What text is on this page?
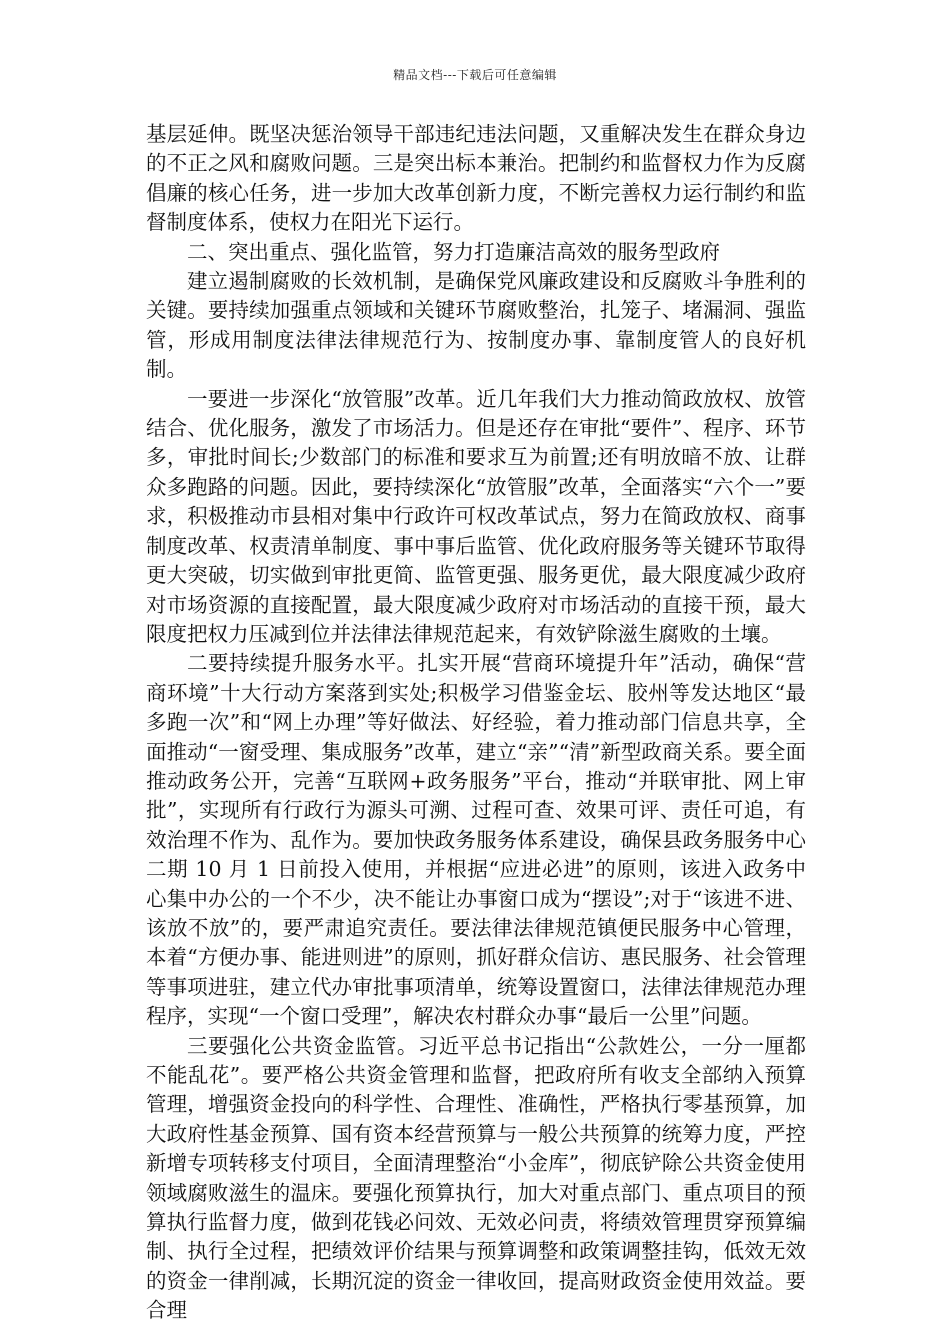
精品文档---下载后可任意编辑

基层延伸。既坚决惩治领导干部违纪违法问题，又重解决发生在群众身边的不正之风和腐败问题。三是突出标本兼治。把制约和监督权力作为反腐倡廉的核心任务，进一步加大改革创新力度，不断完善权力运行制约和监督制度体系，使权力在阳光下运行。

二、突出重点、强化监管，努力打造廉洁高效的服务型政府

建立遏制腐败的长效机制，是确保党风廉政建设和反腐败斗争胜利的关键。要持续加强重点领域和关键环节腐败整治，扎笼子、堵漏洞、强监管，形成用制度法律法律规范行为、按制度办事、靠制度管人的良好机制。

一要进一步深化“放管服”改革。近几年我们大力推动简政放权、放管结合、优化服务，激发了市场活力。但是还存在审批“要件”、程序、环节多，审批时间长;少数部门的标准和要求互为前置;还有明放暗不放、让群众多跑路的问题。因此，要持续深化“放管服”改革，全面落实“六个一”要求，积极推动市县相对集中行政许可权改革试点，努力在简政放权、商事制度改革、权责清单制度、事中事后监管、优化政府服务等关键环节取得更大突破，切实做到审批更简、监管更强、服务更优，最大限度减少政府对市场资源的直接配置，最大限度减少政府对市场活动的直接干预，最大限度把权力压减到位并法律法律规范起来，有效铲除滋生腐败的土壤。

二要持续提升服务水平。扎实开展“营商环境提升年”活动，确保“营商环境”十大行动方案落到实处;积极学习借鉴金坛、胶州等发达地区“最多跑一次”和“网上办理”等好做法、好经验，着力推动部门信息共享，全面推动“一窗受理、集成服务”改革，建立“亲”“清”新型政商关系。要全面推动政务公开，完善“互联网+政务服务”平台，推动“并联审批、网上审批”，实现所有行政行为源头可溯、过程可查、效果可评、责任可追，有效治理不作为、乱作为。要加快政务服务体系建设，确保县政务服务中心二期 10 月 1 日前投入使用，并根据“应进必进”的原则，该进入政务中心集中办公的一个不少，决不能让办事窗口成为“摆设”;对于“该进不进、该放不放”的，要严肃追究责任。要法律法律规范镇便民服务中心管理，本着“方便办事、能进则进”的原则，抓好群众信访、惠民服务、社会管理等事项进驻，建立代办审批事项清单，统筹设置窗口，法律法律规范办理程序，实现“一个窗口受理”，解决农村群众办事“最后一公里”问题。

三要强化公共资金监管。习近平总书记指出“公款姓公，一分一厘都不能乱花”。要严格公共资金管理和监督，把政府所有收支全部纳入预算管理，增强资金投向的科学性、合理性、准确性，严格执行零基预算，加大政府性基金预算、国有资本经营预算与一般公共预算的统筹力度，严控新增专项转移支付项目，全面清理整治“小金库”，彻底铲除公共资金使用领域腐败滋生的温床。要强化预算执行，加大对重点部门、重点项目的预算执行监督力度，做到花钱必问效、无效必问责，将绩效管理贯穿预算编制、执行全过程，把绩效评价结果与预算调整和政策调整挂钩，低效无效的资金一律削减，长期沉淀的资金一律收回，提高财政资金使用效益。要合理
